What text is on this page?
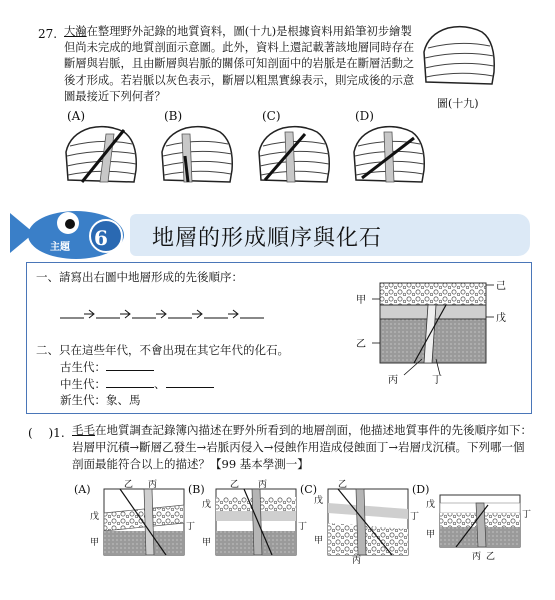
27. 大瀚在整理野外記錄的地質資料，圖(十九)是根據資料用鉛筆初步繪製但尚未完成的地質剖面示意圖。此外，資料上還記載著該地層同時存在斷層與岩脈，且由斷層與岩脈的關係可知剖面中的岩脈是在斷層活動之後才形成。若岩脈以灰色表示，斷層以粗黑實線表示，則完成後的示意圖最接近下列何者？
圖(十九)
(A)	(B)	(C)	(D)
主題 6 地層的形成順序與化石
一、請寫出右圖中地層形成的先後順序：
二、只在這些年代，不會出現在其它年代的化石。
古生代：
中生代：	、
新生代：象、馬
甲
己
戊
乙
丙	丁
(　 )1. 毛毛在地質調查記錄簿內描述在野外所看到的地層剖面，他描述地質事件的先後順序如下：岩層甲沉積→斷層乙發生→岩脈丙侵入→侵蝕作用造成侵蝕面丁→岩層戊沉積。下列哪一個剖面最能符合以上的描述？【99 基本學測一】
(A)	(B)	(C)	(D)
乙 丙
戊
丁
甲
乙 丙
戊
丁
甲
乙
戊
丁
甲
丙
戊
丁
甲
丙 乙
